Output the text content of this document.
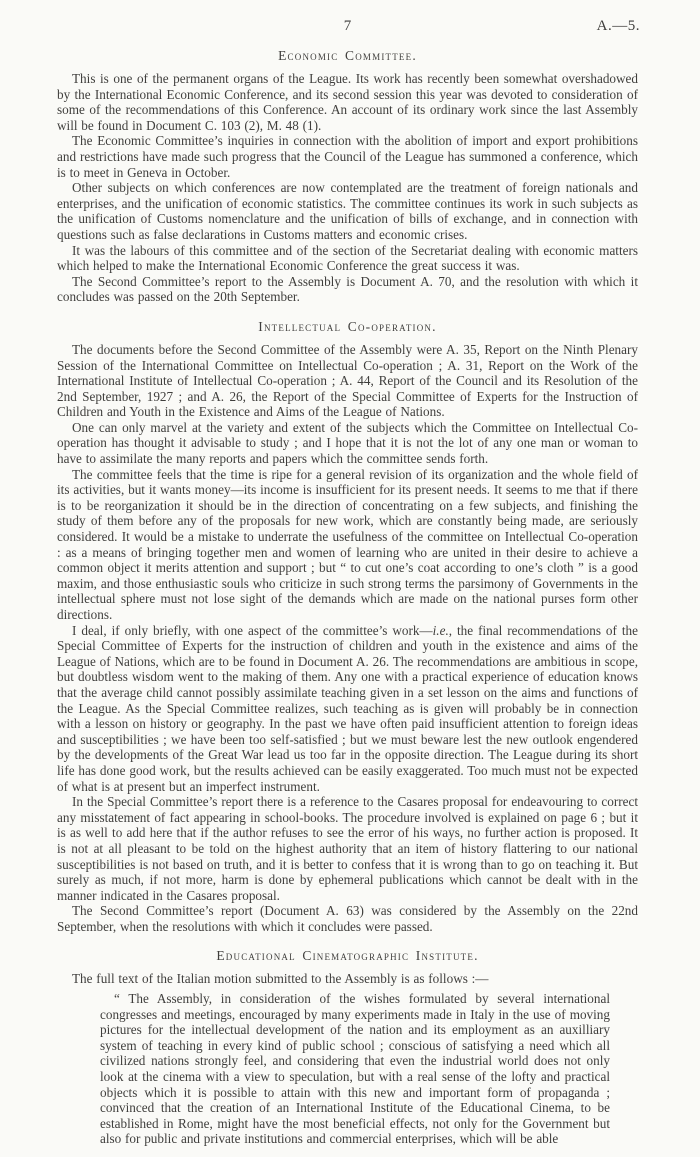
7	A.—5.
Economic Committee.

This is one of the permanent organs of the League. Its work has recently been somewhat overshadowed by the International Economic Conference, and its second session this year was devoted to consideration of some of the recommendations of this Conference. An account of its ordinary work since the last Assembly will be found in Document C. 103 (2), M. 48 (1).

The Economic Committee’s inquiries in connection with the abolition of import and export prohibitions and restrictions have made such progress that the Council of the League has summoned a conference, which is to meet in Geneva in October.

Other subjects on which conferences are now contemplated are the treatment of foreign nationals and enterprises, and the unification of economic statistics. The committee continues its work in such subjects as the unification of Customs nomenclature and the unification of bills of exchange, and in connection with questions such as false declarations in Customs matters and economic crises.

It was the labours of this committee and of the section of the Secretariat dealing with economic matters which helped to make the International Economic Conference the great success it was.

The Second Committee’s report to the Assembly is Document A. 70, and the resolution with which it concludes was passed on the 20th September.

Intellectual Co-operation.

The documents before the Second Committee of the Assembly were A. 35, Report on the Ninth Plenary Session of the International Committee on Intellectual Co-operation ; A. 31, Report on the Work of the International Institute of Intellectual Co-operation ; A. 44, Report of the Council and its Resolution of the 2nd September, 1927 ; and A. 26, the Report of the Special Committee of Experts for the Instruction of Children and Youth in the Existence and Aims of the League of Nations.

One can only marvel at the variety and extent of the subjects which the Committee on Intellectual Co-operation has thought it advisable to study ; and I hope that it is not the lot of any one man or woman to have to assimilate the many reports and papers which the committee sends forth.

The committee feels that the time is ripe for a general revision of its organization and the whole field of its activities, but it wants money—its income is insufficient for its present needs. It seems to me that if there is to be reorganization it should be in the direction of concentrating on a few subjects, and finishing the study of them before any of the proposals for new work, which are constantly being made, are seriously considered. It would be a mistake to underrate the usefulness of the committee on Intellectual Co-operation : as a means of bringing together men and women of learning who are united in their desire to achieve a common object it merits attention and support ; but “ to cut one’s coat according to one’s cloth ” is a good maxim, and those enthusiastic souls who criticize in such strong terms the parsimony of Governments in the intellectual sphere must not lose sight of the demands which are made on the national purses form other directions.

I deal, if only briefly, with one aspect of the committee’s work—i.e., the final recommendations of the Special Committee of Experts for the instruction of children and youth in the existence and aims of the League of Nations, which are to be found in Document A. 26. The recommendations are ambitious in scope, but doubtless wisdom went to the making of them. Any one with a practical experience of education knows that the average child cannot possibly assimilate teaching given in a set lesson on the aims and functions of the League. As the Special Committee realizes, such teaching as is given will probably be in connection with a lesson on history or geography. In the past we have often paid insufficient attention to foreign ideas and susceptibilities ; we have been too self-satisfied ; but we must beware lest the new outlook engendered by the developments of the Great War lead us too far in the opposite direction. The League during its short life has done good work, but the results achieved can be easily exaggerated. Too much must not be expected of what is at present but an imperfect instrument.

In the Special Committee’s report there is a reference to the Casares proposal for endeavouring to correct any misstatement of fact appearing in school-books. The procedure involved is explained on page 6 ; but it is as well to add here that if the author refuses to see the error of his ways, no further action is proposed. It is not at all pleasant to be told on the highest authority that an item of history flattering to our national susceptibilities is not based on truth, and it is better to confess that it is wrong than to go on teaching it. But surely as much, if not more, harm is done by ephemeral publications which cannot be dealt with in the manner indicated in the Casares proposal.

The Second Committee’s report (Document A. 63) was considered by the Assembly on the 22nd September, when the resolutions with which it concludes were passed.

Educational Cinematographic Institute.

The full text of the Italian motion submitted to the Assembly is as follows :—

“ The Assembly, in consideration of the wishes formulated by several international congresses and meetings, encouraged by many experiments made in Italy in the use of moving pictures for the intellectual development of the nation and its employment as an auxilliary system of teaching in every kind of public school ; conscious of satisfying a need which all civilized nations strongly feel, and considering that even the industrial world does not only look at the cinema with a view to speculation, but with a real sense of the lofty and practical objects which it is possible to attain with this new and important form of propaganda ; convinced that the creation of an International Institute of the Educational Cinema, to be established in Rome, might have the most beneficial effects, not only for the Government but also for public and private institutions and commercial enterprises, which will be able
